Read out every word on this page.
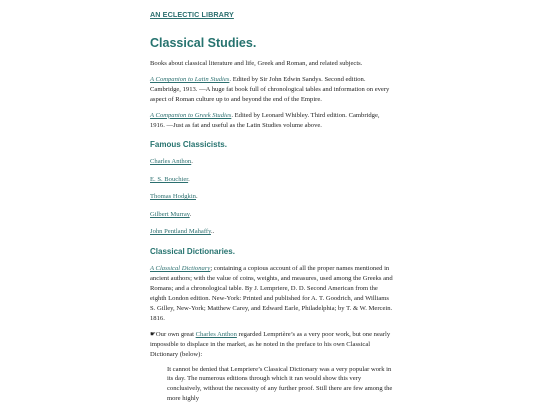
AN ECLECTIC LIBRARY
Classical Studies.

Books about classical literature and life, Greek and Roman, and related subjects.

A Companion to Latin Studies. Edited by Sir John Edwin Sandys. Second edition. Cambridge, 1913. —A huge fat book full of chronological tables and information on every aspect of Roman culture up to and beyond the end of the Empire.

A Companion to Greek Studies. Edited by Leonard Whibley. Third edition. Cambridge, 1916. —Just as fat and useful as the Latin Studies volume above.

Famous Classicists.
Charles Anthon.
E. S. Bouchier.
Thomas Hodgkin.
Gilbert Murray.
John Pentland Mahaffy..
Classical Dictionaries.

A Classical Dictionary; containing a copious account of all the proper names mentioned in ancient authors; with the value of coins, weights, and measures, used among the Greeks and Romans; and a chronological table. By J. Lempriere, D. D. Second American from the eighth London edition. New-York: Printed and published for A. T. Goodrich, and Williams S. Gilley, New-York; Matthew Carey, and Edward Earle, Philadelphia; by T. & W. Mercein. 1816.

☛Our own great Charles Anthon regarded Lemprière’s as a very poor work, but one nearly impossible to displace in the market, as he noted in the preface to his own Classical Dictionary (below):

It cannot be denied that Lempriere’s Classical Dictionary was a very popular work in its day. The numerous editions through which it ran would show this very conclusively, without the necessity of any further proof. Still there are few among the more highly
